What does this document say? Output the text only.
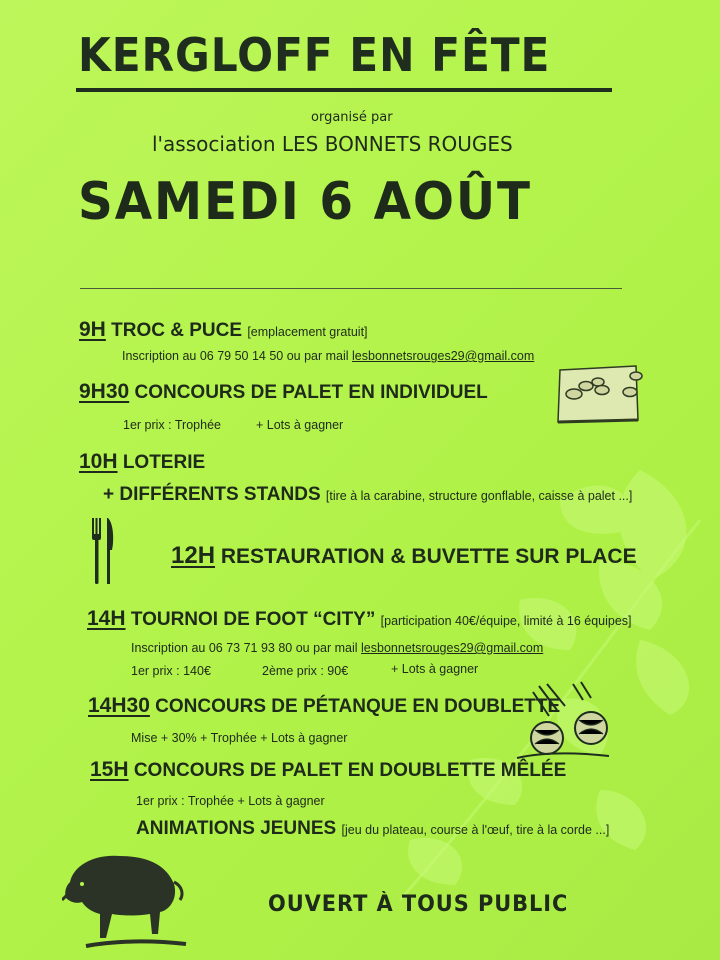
KERGLOFF EN FÊTE
organisé par
l'association LES BONNETS ROUGES
SAMEDI 6 AOÛT
9H TROC & PUCE [emplacement gratuit]
Inscription au 06 79 50 14 50 ou par mail lesbonnetsrouges29@gmail.com
9H30 CONCOURS DE PALET EN INDIVIDUEL
1er prix : Trophée	+ Lots à gagner
10H LOTERIE
+ DIFFÉRENTS STANDS [tire à la carabine, structure gonflable, caisse à palet ...]
12H RESTAURATION & BUVETTE SUR PLACE
14H TOURNOI DE FOOT “CITY” [participation 40€/équipe, limité à 16 équipes]
Inscription au 06 73 71 93 80 ou par mail lesbonnetsrouges29@gmail.com
1er prix : 140€	2ème prix : 90€	+ Lots à gagner
14H30 CONCOURS DE PÉTANQUE EN DOUBLETTE
Mise + 30% + Trophée + Lots à gagner
15H CONCOURS DE PALET EN DOUBLETTE MÊLÉE
1er prix : Trophée + Lots à gagner
ANIMATIONS JEUNES [jeu du plateau, course à l'œuf, tire à la corde ...]
OUVERT À TOUS PUBLIC
